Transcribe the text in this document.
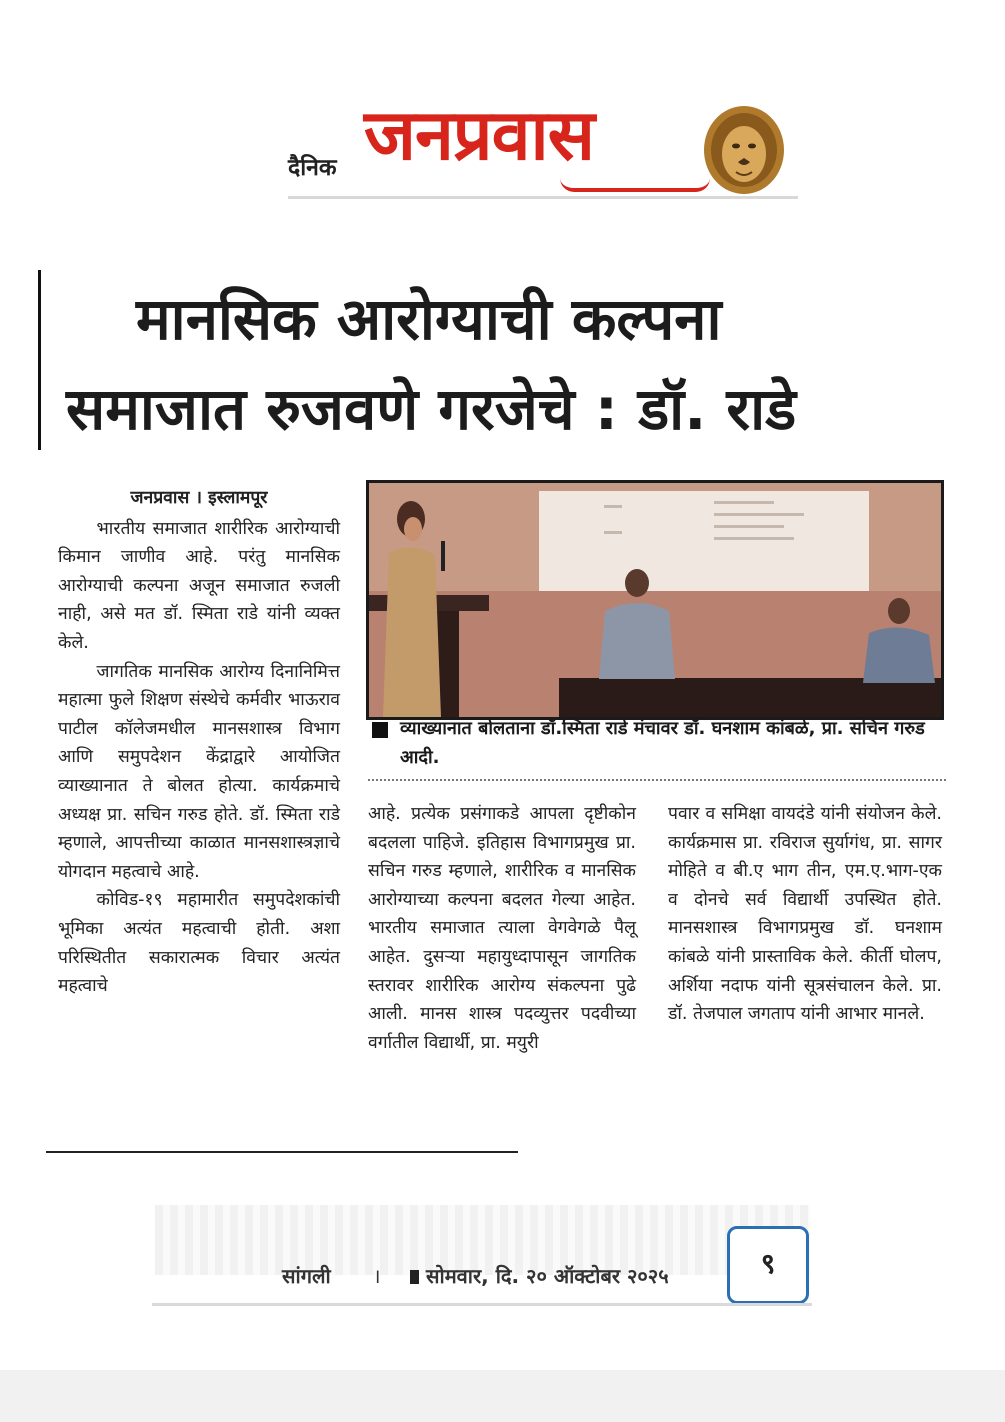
दैनिक जनप्रवास
मानसिक आरोग्याची कल्पना
समाजात रुजवणे गरजेचे : डॉ. राडे

जनप्रवास । इस्लामपूर

भारतीय समाजात शारीरिक आरोग्याची किमान जाणीव आहे. परंतु मानसिक आरोग्याची कल्पना अजून समाजात रुजली नाही, असे मत डॉ. स्मिता राडे यांनी व्यक्त केले.

जागतिक मानसिक आरोग्य दिनानिमित्त महात्मा फुले शिक्षण संस्थेचे कर्मवीर भाऊराव पाटील कॉलेजमधील मानसशास्त्र विभाग आणि समुपदेशन केंद्राद्वारे आयोजित व्याख्यानात ते बोलत होत्या. कार्यक्रमाचे अध्यक्ष प्रा. सचिन गरुड होते. डॉ. स्मिता राडे म्हणाले, आपत्तीच्या काळात मानसशास्त्रज्ञाचे योगदान महत्वाचे आहे.

कोविड-१९ महामारीत समुपदेशकांची भूमिका अत्यंत महत्वाची होती. अशा परिस्थितीत सकारात्मक विचार अत्यंत महत्वाचे

व्याख्यानात बोलताना डॉ.स्मिता राडे मंचावर डॉ. घनशाम कांबळे, प्रा. सचिन गरुड आदी.

आहे. प्रत्येक प्रसंगाकडे आपला दृष्टीकोन बदलला पाहिजे. इतिहास विभागप्रमुख प्रा. सचिन गरुड म्हणाले, शारीरिक व मानसिक आरोग्याच्या कल्पना बदलत गेल्या आहेत. भारतीय समाजात त्याला वेगवेगळे पैलू आहेत. दुसऱ्या महायुध्दापासून जागतिक स्तरावर शारीरिक आरोग्य संकल्पना पुढे आली. मानस शास्त्र पदव्युत्तर पदवीच्या वर्गातील विद्यार्थी, प्रा. मयुरी

पवार व समिक्षा वायदंडे यांनी संयोजन केले. कार्यक्रमास प्रा. रविराज सुर्यागंध, प्रा. सागर मोहिते व बी.ए भाग तीन, एम.ए.भाग-एक व दोनचे सर्व विद्यार्थी उपस्थित होते. मानसशास्त्र विभागप्रमुख डॉ. घनशाम कांबळे यांनी प्रास्ताविक केले. कीर्ती घोलप, अर्शिया नदाफ यांनी सूत्रसंचालन केले. प्रा. डॉ. तेजपाल जगताप यांनी आभार मानले.

सांगली । सोमवार, दि. २० ऑक्टोबर २०२५	९
